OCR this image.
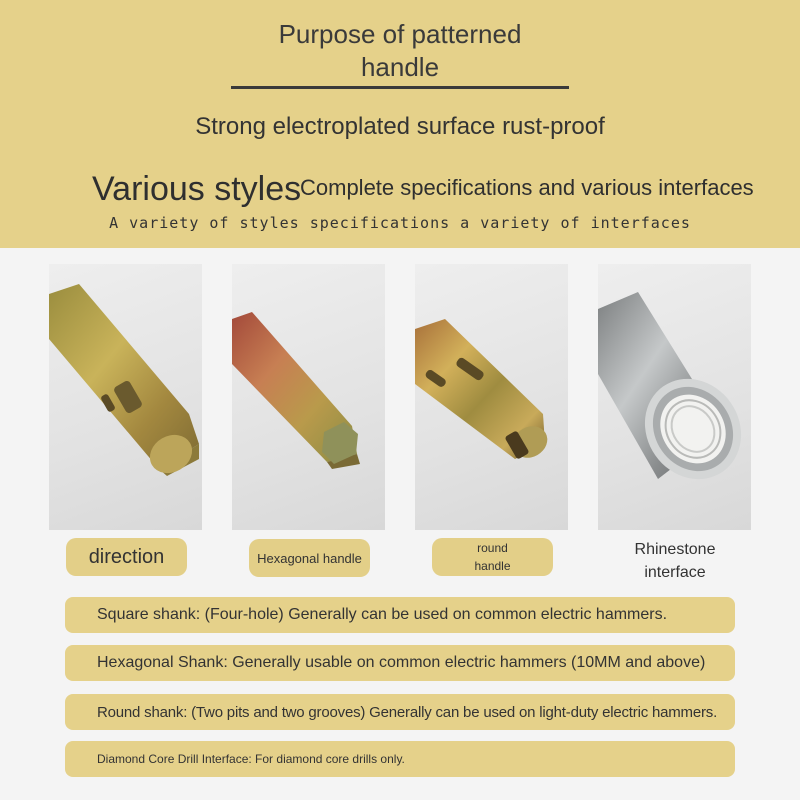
Purpose of patterned
handle
Strong electroplated surface rust-proof
Various styles
Complete specifications and various interfaces
A variety of styles specifications a variety of interfaces
direction	Hexagonal handle
round
handle
Rhinestone
interface
Square shank: (Four-hole) Generally can be used on common electric hammers.
Hexagonal Shank: Generally usable on common electric hammers (10MM and above)
Round shank: (Two pits and two grooves) Generally can be used on light-duty electric hammers.
Diamond Core Drill Interface: For diamond core drills only.
